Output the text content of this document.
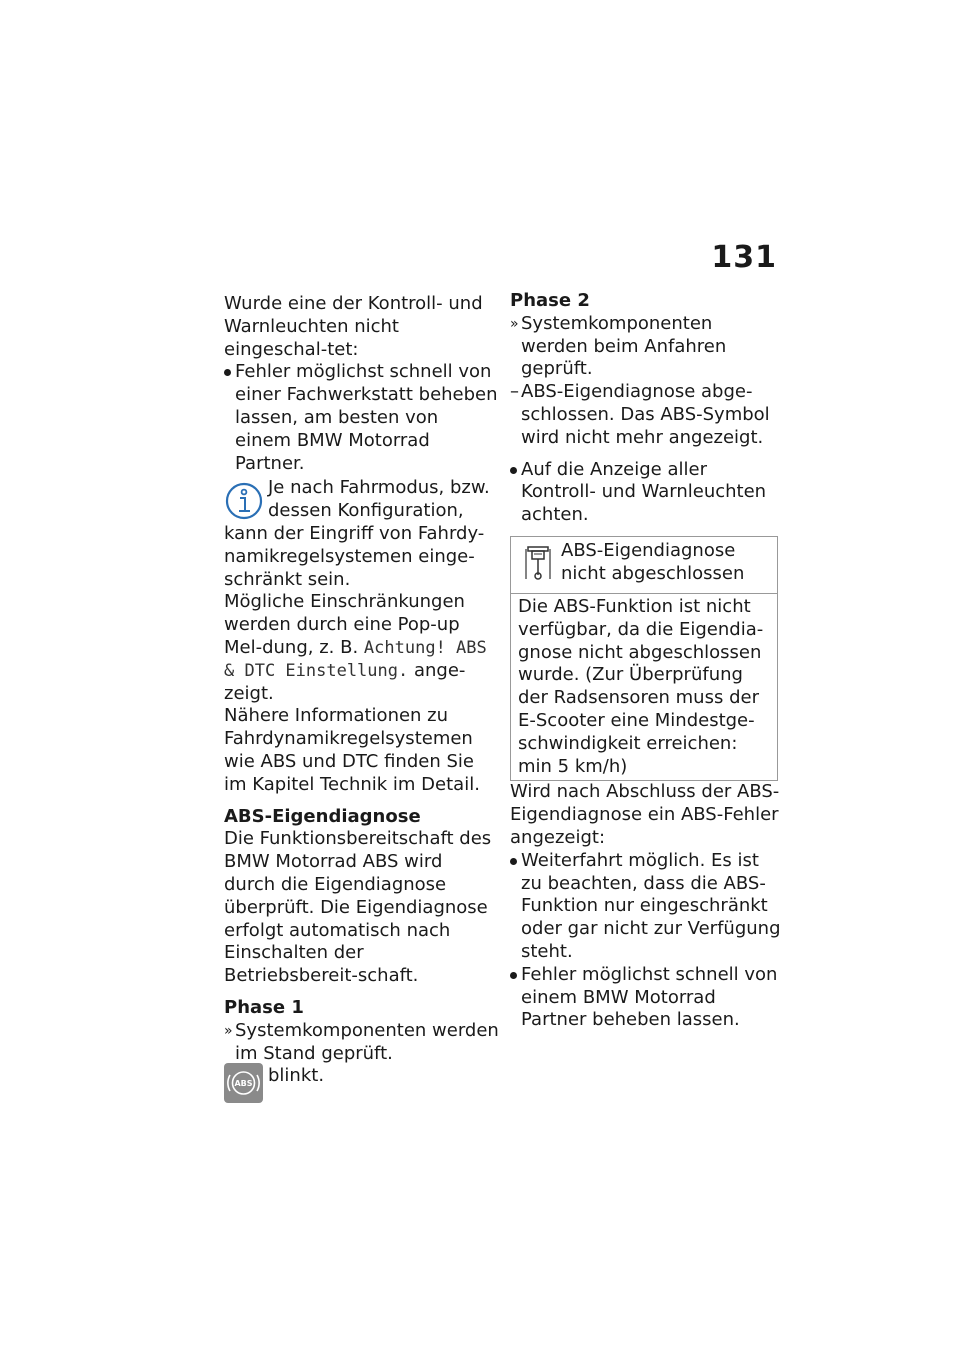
131

Wurde eine der Kontroll- und Warnleuchten nicht eingeschal-tet:

Fehler möglichst schnell von einer Fachwerkstatt beheben lassen, am besten von einem BMW Motorrad Partner.

Je nach Fahrmodus, bzw. dessen Konfiguration,

kann der Eingriff von Fahrdy-namikregelsystemen einge-schränkt sein.

Mögliche Einschränkungen werden durch eine Pop-up Mel-dung, z. B. Achtung! ABS & DTC Einstellung. ange-zeigt.

Nähere Informationen zu Fahrdynamikregelsystemen wie ABS und DTC finden Sie im Kapitel Technik im Detail.

ABS-Eigendiagnose

Die Funktionsbereitschaft des BMW Motorrad ABS wird durch die Eigendiagnose überprüft. Die Eigendiagnose erfolgt automatisch nach Einschalten der Betriebsbereit-schaft.

Phase 1

» Systemkomponenten werden im Stand geprüft.
ABS blinkt.

Phase 2

» Systemkomponenten werden beim Anfahren geprüft.
– ABS-Eigendiagnose abge-schlossen. Das ABS-Symbol wird nicht mehr angezeigt.
Auf die Anzeige aller Kontroll- und Warnleuchten achten.
ABS-Eigendiagnose nicht abgeschlossen
Die ABS-Funktion ist nicht verfügbar, da die Eigendia-gnose nicht abgeschlossen wurde. (Zur Überprüfung der Radsensoren muss der E-Scooter eine Mindestge-schwindigkeit erreichen: min 5 km/h)

Wird nach Abschluss der ABS-Eigendiagnose ein ABS-Fehler angezeigt:

Weiterfahrt möglich. Es ist zu beachten, dass die ABS-Funktion nur eingeschränkt oder gar nicht zur Verfügung steht.
Fehler möglichst schnell von einem BMW Motorrad Partner beheben lassen.
